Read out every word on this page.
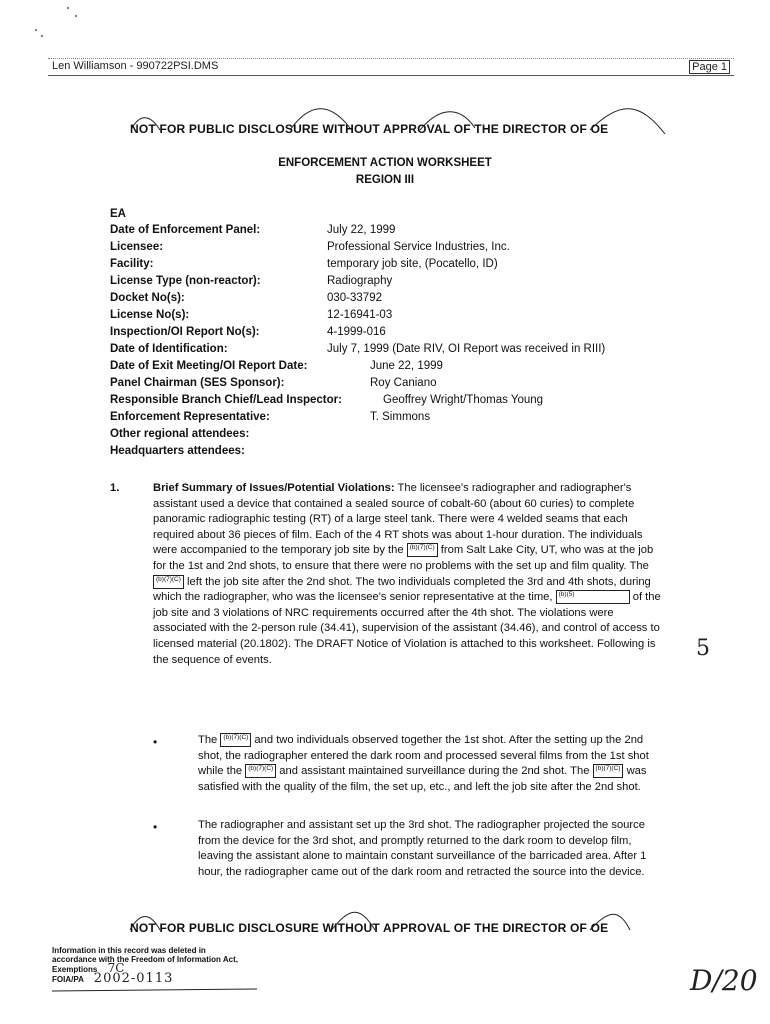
Len Williamson - 990722PSI.DMS	Page 1
NOT FOR PUBLIC DISCLOSURE WITHOUT APPROVAL OF THE DIRECTOR OF OE
ENFORCEMENT ACTION WORKSHEET
REGION III
EA
Date of Enforcement Panel:	July 22, 1999
Licensee:	Professional Service Industries, Inc.
Facility:	temporary job site, (Pocatello, ID)
License Type (non-reactor):	Radiography
Docket No(s):	030-33792
License No(s):	12-16941-03
Inspection/OI Report No(s):	4-1999-016
Date of Identification:	July 7, 1999 (Date RIV, OI Report was received in RIII)
Date of Exit Meeting/OI Report Date:	June 22, 1999
Panel Chairman (SES Sponsor):	Roy Caniano
Responsible Branch Chief/Lead Inspector:	Geoffrey Wright/Thomas Young
Enforcement Representative:	T. Simmons
Other regional attendees:
Headquarters attendees:
1.	Brief Summary of Issues/Potential Violations: The licensee's radiographer and radiographer's assistant used a device that contained a sealed source of cobalt-60 (about 60 curies) to complete panoramic radiographic testing (RT) of a large steel tank. There were 4 welded seams that each required about 36 pieces of film. Each of the 4 RT shots was about 1-hour duration. The individuals were accompanied to the temporary job site by the (b)(7)(C) from Salt Lake City, UT, who was at the job for the 1st and 2nd shots, to ensure that there were no problems with the set up and film quality. The (b)(7)(C) left the job site after the 2nd shot. The two individuals completed the 3rd and 4th shots, during which the radiographer, who was the licensee's senior representative at the time, (b)(5)	of the job site and 3 violations of NRC requirements occurred after the 4th shot. The violations were associated with the 2-person rule (34.41), supervision of the assistant (34.46), and control of access to licensed material (20.1802). The DRAFT Notice of Violation is attached to this worksheet. Following is the sequence of events.

•	The (b)(7)(C) and two individuals observed together the 1st shot. After the setting up the 2nd shot, the radiographer entered the dark room and processed several films from the 1st shot while the (b)(7)(C) and assistant maintained surveillance during the 2nd shot. The (b)(7)(C) was satisfied with the quality of the film, the set up, etc., and left the job site after the 2nd shot.
•	The radiographer and assistant set up the 3rd shot. The radiographer projected the source from the device for the 3rd shot, and promptly returned to the dark room to develop film, leaving the assistant alone to maintain constant surveillance of the barricaded area. After 1 hour, the radiographer came out of the dark room and retracted the source into the device.
NOT FOR PUBLIC DISCLOSURE WITHOUT APPROVAL OF THE DIRECTOR OF OE
Information in this record was deleted in
accordance with the Freedom of Information Act,
Exemptions 7C
FOIA/PA 2002-0113
5
D/20
